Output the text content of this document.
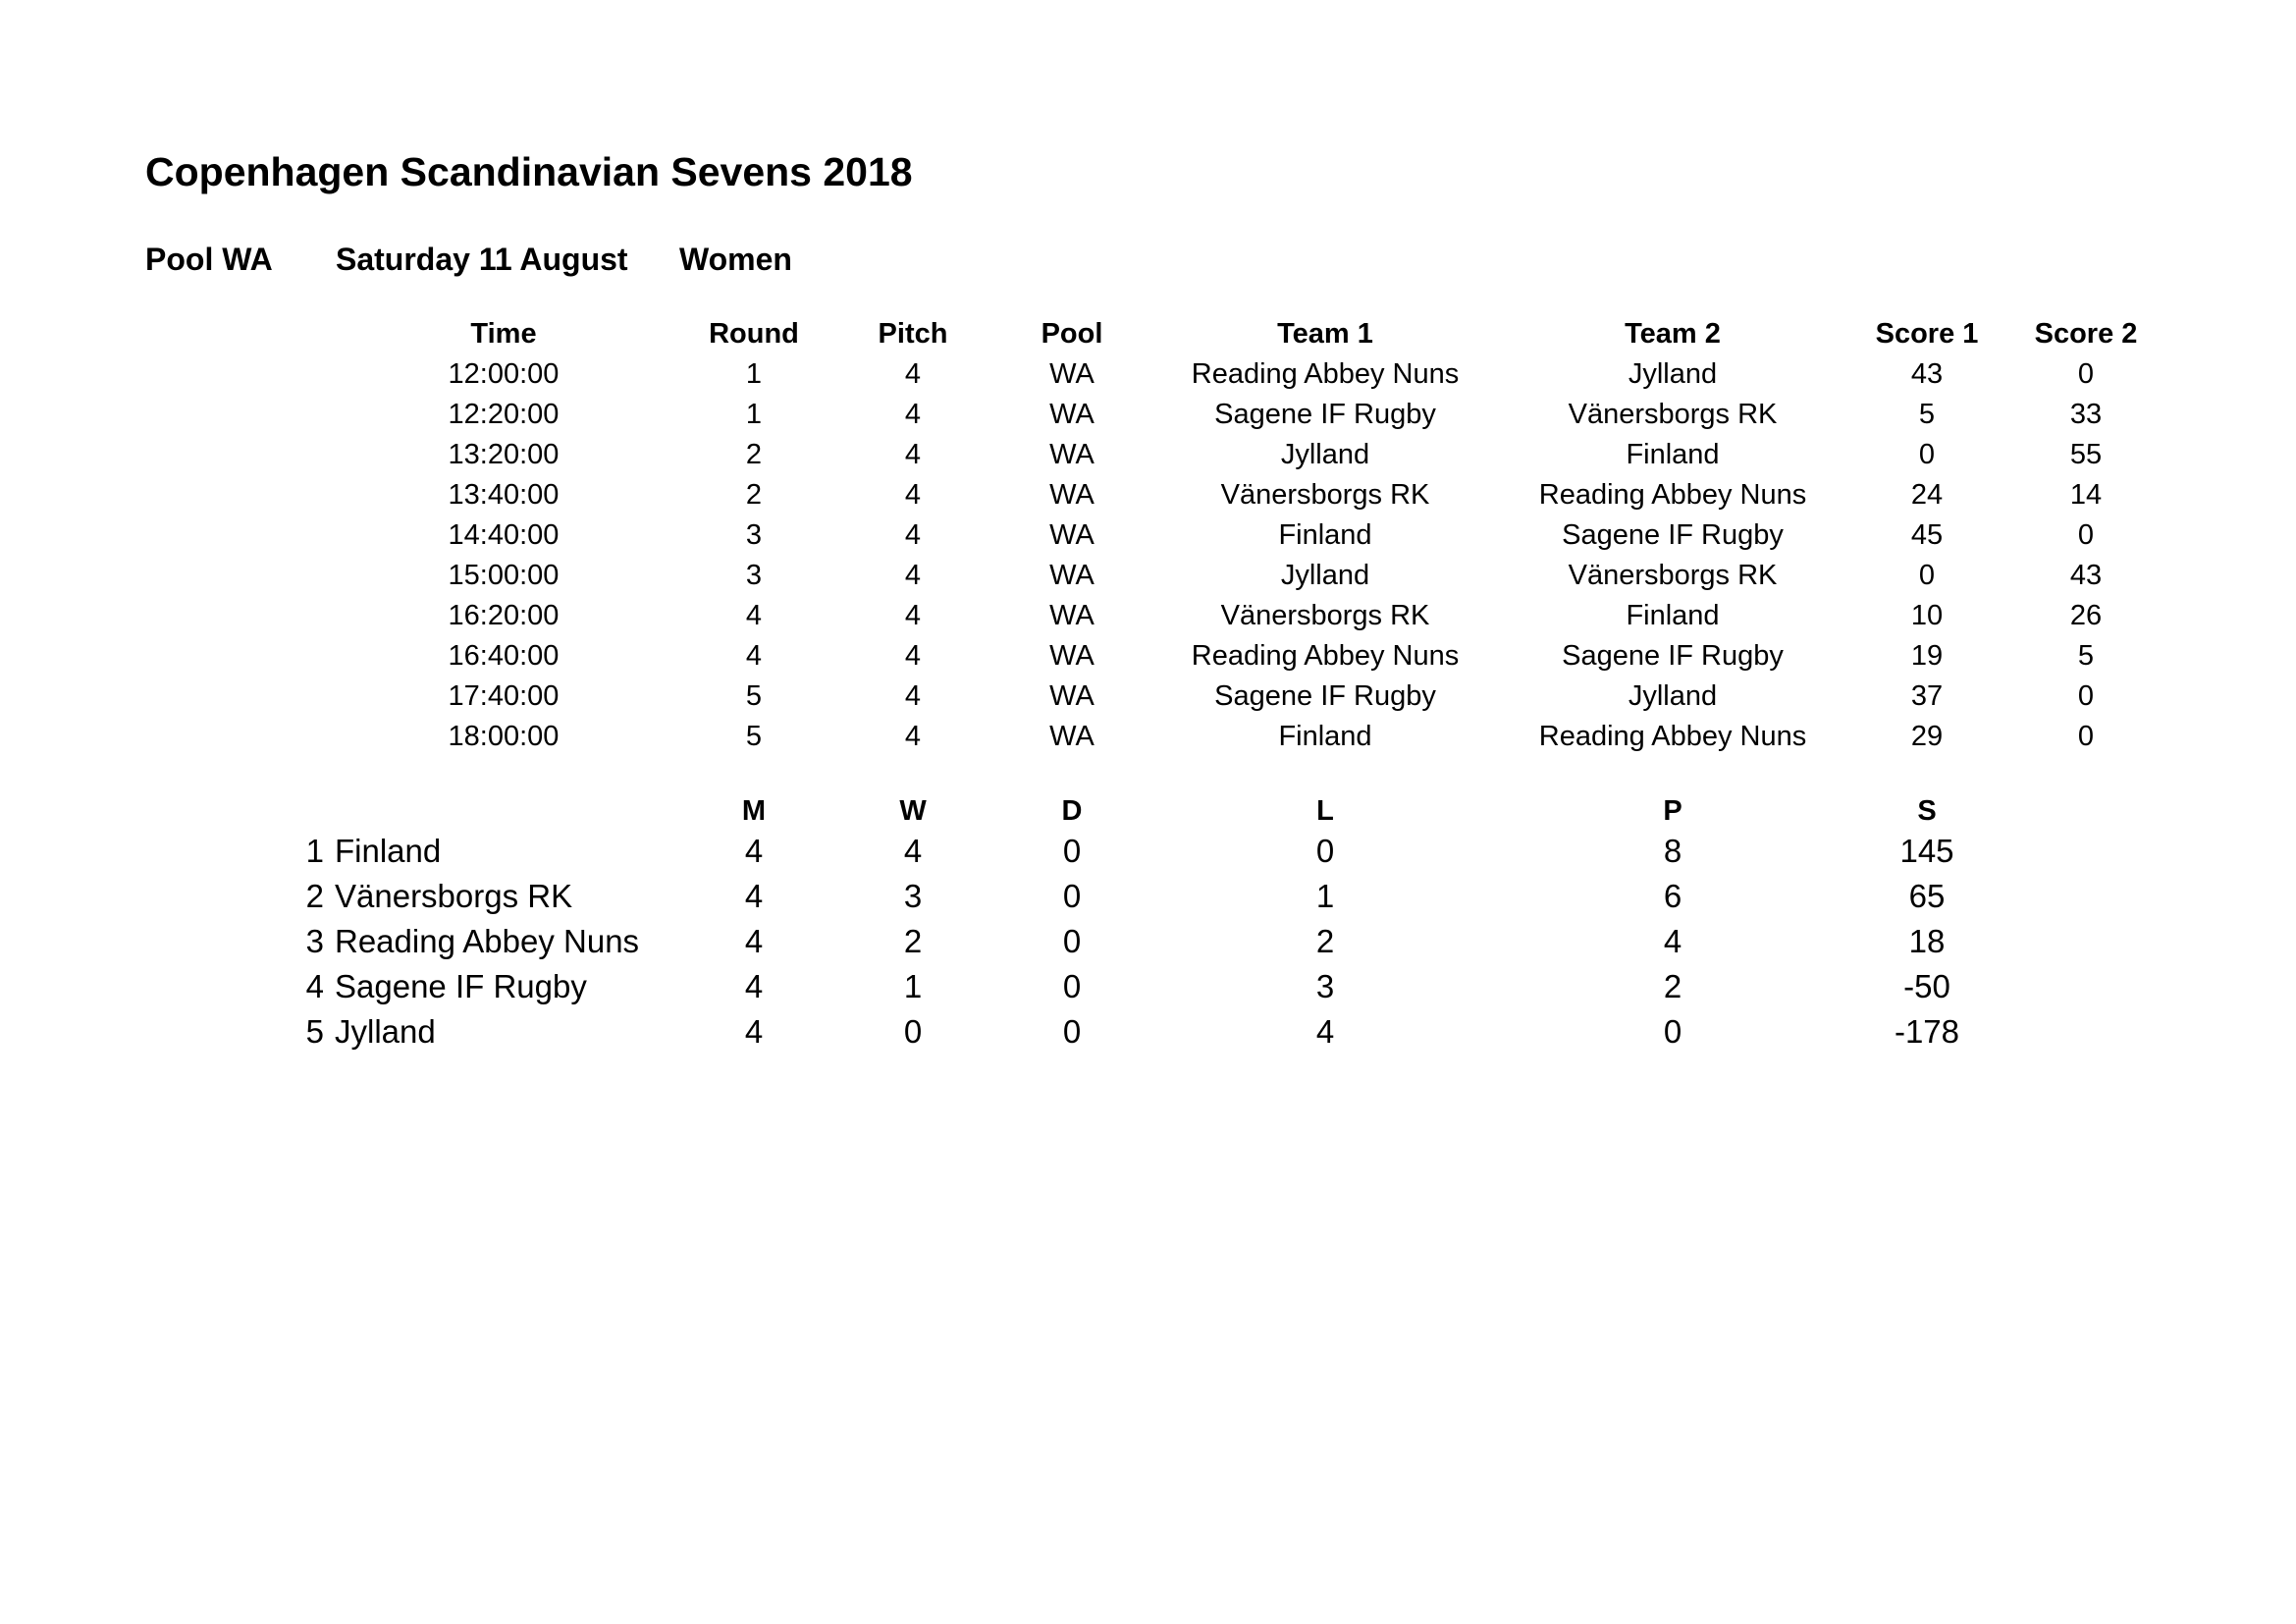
Copenhagen Scandinavian Sevens 2018
Pool WA Saturday 11 August Women
Time	Round	Pitch	Pool	Team 1	Team 2	Score 1 Score 2
12:00:00	1	4	WA	Reading Abbey Nuns	Jylland	43	0
12:20:00	1	4	WA	Sagene IF Rugby	Vänersborgs RK	5	33
13:20:00	2	4	WA	Jylland	Finland	0	55
13:40:00	2	4	WA	Vänersborgs RK	Reading Abbey Nuns	24	14
14:40:00	3	4	WA	Finland	Sagene IF Rugby	45	0
15:00:00	3	4	WA	Jylland	Vänersborgs RK	0	43
16:20:00	4	4	WA	Vänersborgs RK	Finland	10	26
16:40:00	4	4	WA	Reading Abbey Nuns	Sagene IF Rugby	19	5
17:40:00	5	4	WA	Sagene IF Rugby	Jylland	37	0
18:00:00	5	4	WA	Finland	Reading Abbey Nuns	29	0
M	W	D	L	P	S
1 Finland	4	4	0	0	8	145
2 Vänersborgs RK	4	3	0	1	6	65
3 Reading Abbey Nuns	4	2	0	2	4	18
4 Sagene IF Rugby	4	1	0	3	2	-50
5 Jylland	4	0	0	4	0	-178
